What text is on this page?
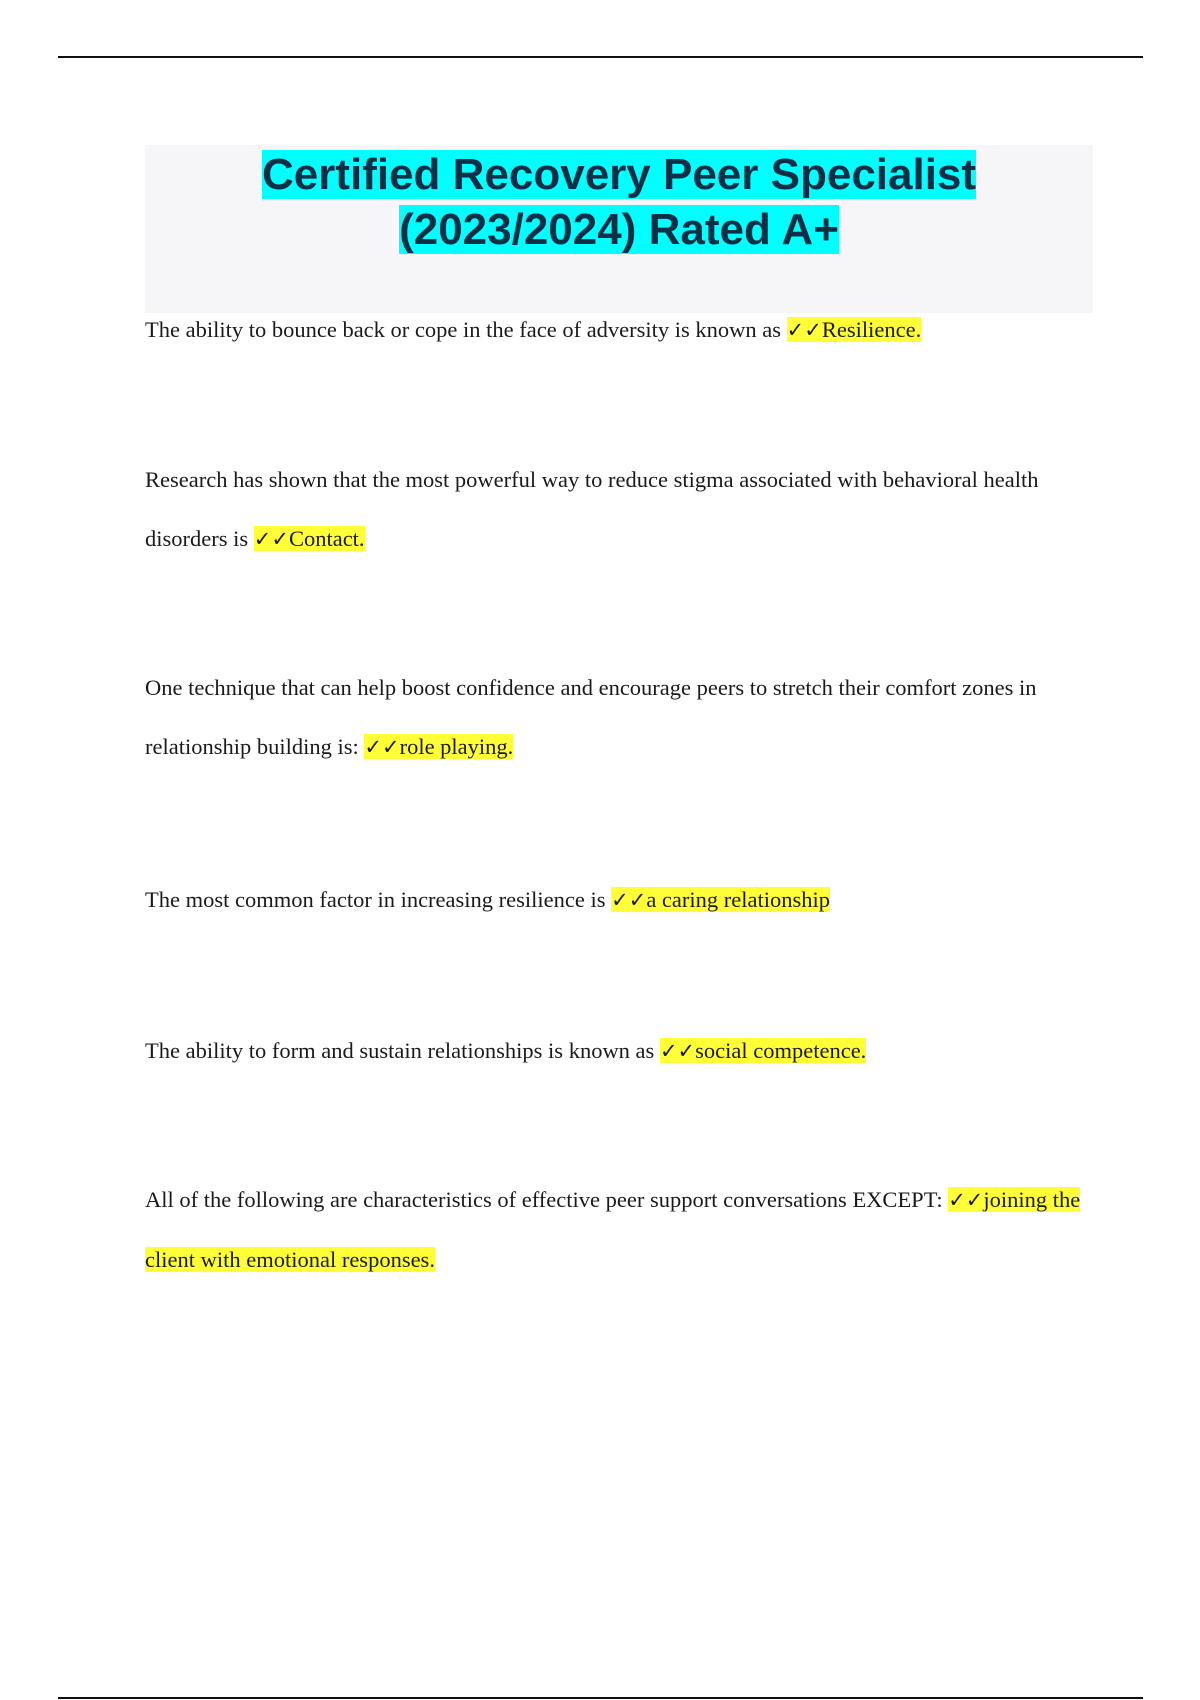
Certified Recovery Peer Specialist
(2023/2024) Rated A+

The ability to bounce back or cope in the face of adversity is known as ✓✓Resilience.

Research has shown that the most powerful way to reduce stigma associated with behavioral health disorders is ✓✓Contact.

One technique that can help boost confidence and encourage peers to stretch their comfort zones in relationship building is: ✓✓role playing.

The most common factor in increasing resilience is ✓✓a caring relationship

The ability to form and sustain relationships is known as ✓✓social competence.

All of the following are characteristics of effective peer support conversations EXCEPT: ✓✓joining the client with emotional responses.
